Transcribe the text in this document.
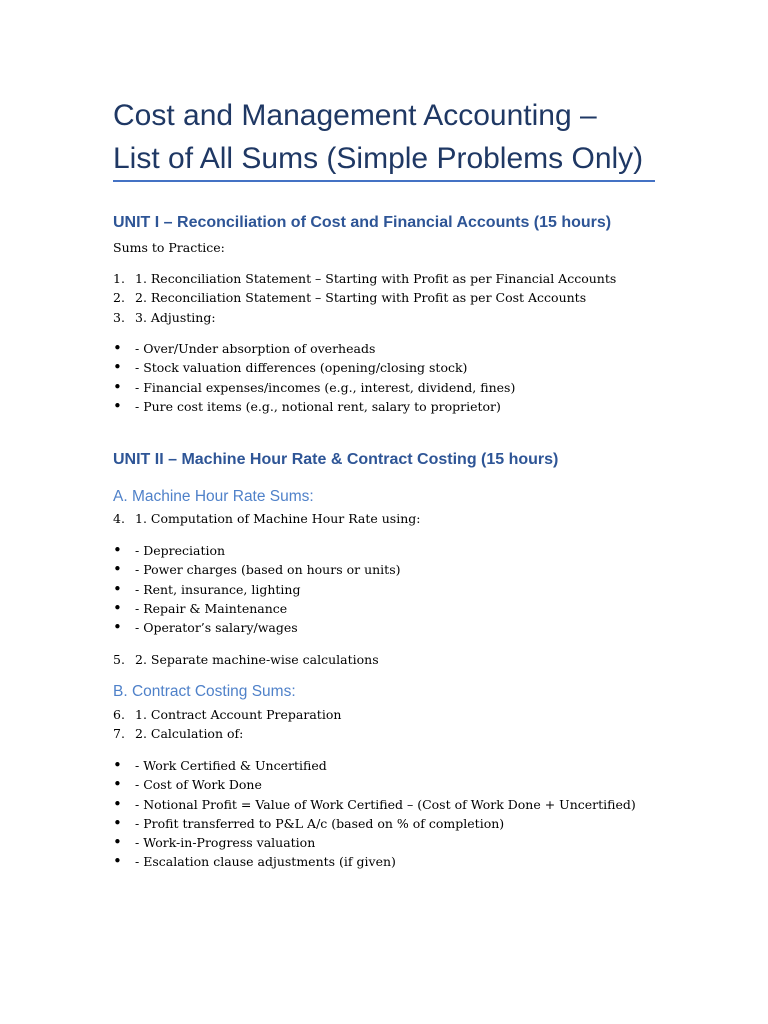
Cost and Management Accounting –
List of All Sums (Simple Problems Only)
UNIT I – Reconciliation of Cost and Financial Accounts (15 hours)

Sums to Practice:

1. 1. Reconciliation Statement – Starting with Profit as per Financial Accounts
2. 2. Reconciliation Statement – Starting with Profit as per Cost Accounts
3. 3. Adjusting:
• - Over/Under absorption of overheads
• - Stock valuation differences (opening/closing stock)
• - Financial expenses/incomes (e.g., interest, dividend, fines)
• - Pure cost items (e.g., notional rent, salary to proprietor)
UNIT II – Machine Hour Rate & Contract Costing (15 hours)
A. Machine Hour Rate Sums:
4. 1. Computation of Machine Hour Rate using:
• - Depreciation
• - Power charges (based on hours or units)
• - Rent, insurance, lighting
• - Repair & Maintenance
• - Operator’s salary/wages
5. 2. Separate machine-wise calculations
B. Contract Costing Sums:
6. 1. Contract Account Preparation
7. 2. Calculation of:
• - Work Certified & Uncertified
• - Cost of Work Done
• - Notional Profit = Value of Work Certified – (Cost of Work Done + Uncertified)
• - Profit transferred to P&L A/c (based on % of completion)
• - Work-in-Progress valuation
• - Escalation clause adjustments (if given)
